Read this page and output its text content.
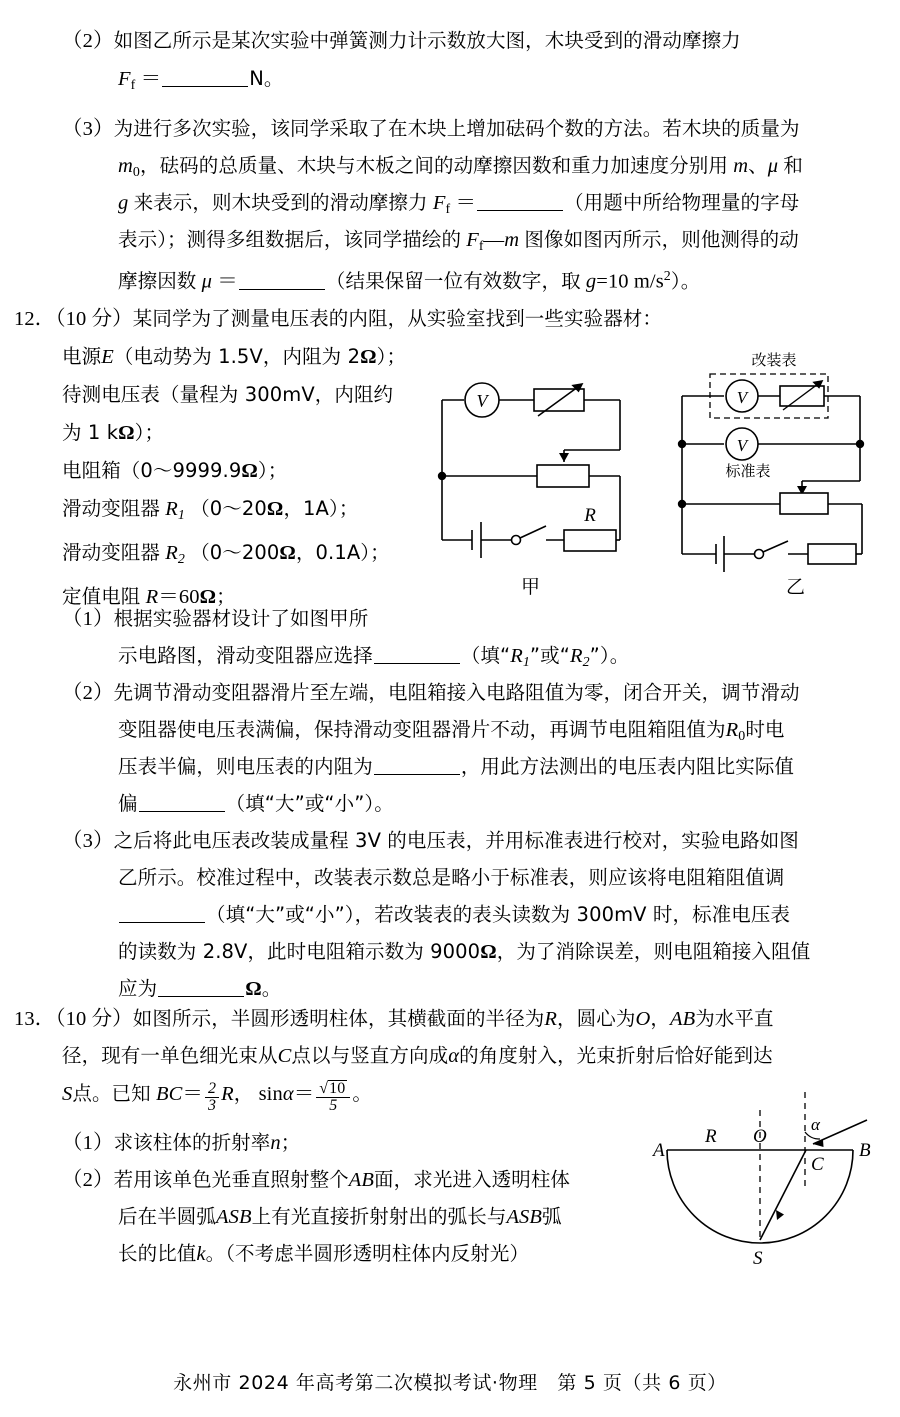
（2）如图乙所示是某次实验中弹簧测力计示数放大图，木块受到的滑动摩擦力
Ff ＝	N。
（3）为进行多次实验，该同学采取了在木块上增加砝码个数的方法。若木块的质量为
m0，砝码的总质量、木块与木板之间的动摩擦因数和重力加速度分别用 m、μ 和
g 来表示，则木块受到的滑动摩擦力 Ff ＝	（用题中所给物理量的字母
表示）；测得多组数据后，该同学描绘的 Ff—m 图像如图丙所示，则他测得的动
摩擦因数 μ ＝	（结果保留一位有效数字，取 g=10 $m/s^2$）。
12．（10 分）某同学为了测量电压表的内阻，从实验室找到一些实验器材：
电源E（电动势为 1.5V，内阻为 2Ω）；
待测电压表（量程为 300mV，内阻约
为 1 kΩ）；
电阻箱（0～9999.9Ω）；
滑动变阻器 $R_1$ （0～20Ω，1A）；
滑动变阻器 $R_2$ （0～200Ω，0.1A）；
定值电阻 R＝60Ω；
V
R
甲
改装表
V
V
标准表
乙
（1）根据实验器材设计了如图甲所
示电路图，滑动变阻器应选择	（填“$R_1$”或“$R_2$”）。
（2）先调节滑动变阻器滑片至左端，电阻箱接入电路阻值为零，闭合开关，调节滑动
变阻器使电压表满偏，保持滑动变阻器滑片不动，再调节电阻箱阻值为R0时电
压表半偏，则电压表的内阻为	，用此方法测出的电压表内阻比实际值
偏	（填“大”或“小”）。
（3）之后将此电压表改装成量程 3V 的电压表，并用标准表进行校对，实验电路如图
乙所示。校准过程中，改装表示数总是略小于标准表，则应该将电阻箱阻值调
（填“大”或“小”），若改装表的表头读数为 300mV 时，标准电压表
的读数为 2.8V，此时电阻箱示数为 9000Ω，为了消除误差，则电阻箱接入阻值
应为	Ω。
13．（10 分）如图所示，半圆形透明柱体，其横截面的半径为R，圆心为O，AB为水平直
径，现有一单色细光束从C点以与竖直方向成α的角度射入，光束折射后恰好能到达
S点。已知 $BC= \frac{2}{3}$ R， $\sin\alpha= \frac{√10}{5}$ 。
（1）求该柱体的折射率n；
（2）若用该单色光垂直照射整个AB面，求光进入透明柱体
后在半圆弧ASB上有光直接折射射出的弧长与ASB弧
长的比值k。（不考虑半圆形透明柱体内反射光）
A	B
O
R
C
S
α
永州市 2024 年高考第二次模拟考试·物理　第 5 页（共 6 页）
